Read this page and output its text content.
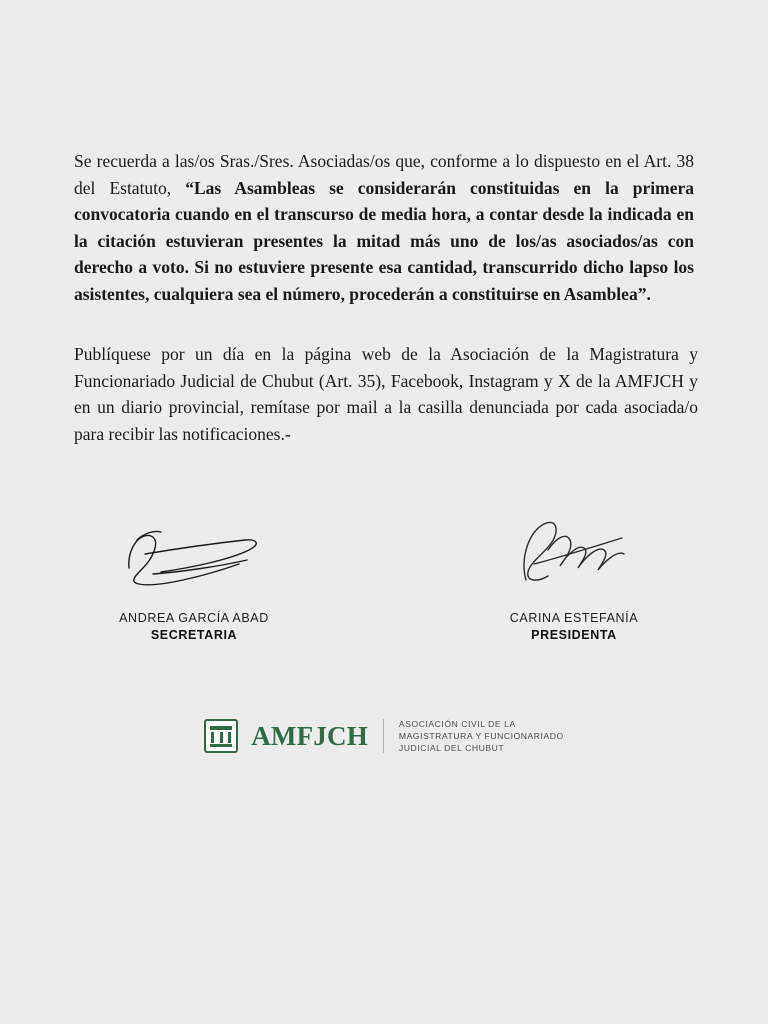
Se recuerda a las/os Sras./Sres. Asociadas/os que, conforme a lo dispuesto en el Art. 38 del Estatuto, “Las Asambleas se considerarán constituidas en la primera convocatoria cuando en el transcurso de media hora, a contar desde la indicada en la citación estuvieran presentes la mitad más uno de los/as asociados/as con derecho a voto. Si no estuviere presente esa cantidad, transcurrido dicho lapso los asistentes, cualquiera sea el número, procederán a constituirse en Asamblea”.

Publíquese por un día en la página web de la Asociación de la Magistratura y Funcionariado Judicial de Chubut (Art. 35), Facebook, Instagram y X de la AMFJCH y en un diario provincial, remítase por mail a la casilla denunciada por cada asociada/o para recibir las notificaciones.-

ANDREA GARCÍA ABAD
SECRETARIA
CARINA ESTEFANÍA
PRESIDENTA
AMFJCH	ASOCIACIÓN CIVIL DE LA
MAGISTRATURA Y FUNCIONARIADO
JUDICIAL DEL CHUBUT
